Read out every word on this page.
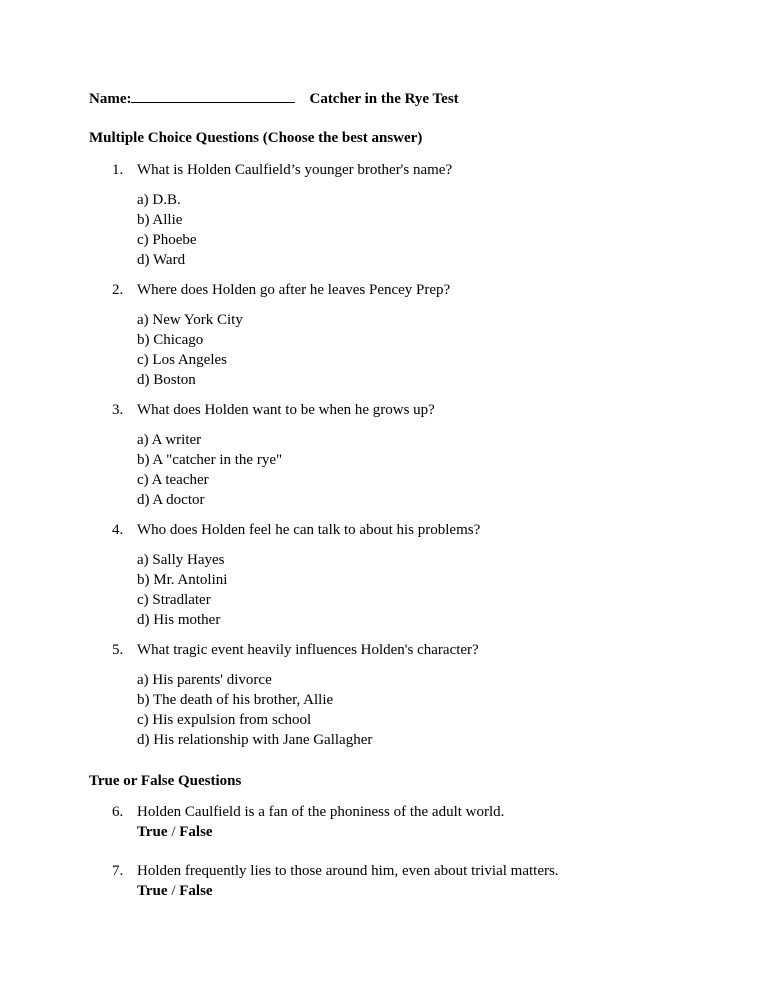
Name:	Catcher in the Rye Test
Multiple Choice Questions (Choose the best answer)
1. What is Holden Caulfield’s younger brother's name?
a) D.B.
b) Allie
c) Phoebe
d) Ward
2. Where does Holden go after he leaves Pencey Prep?
a) New York City
b) Chicago
c) Los Angeles
d) Boston
3. What does Holden want to be when he grows up?
a) A writer
b) A "catcher in the rye"
c) A teacher
d) A doctor
4. Who does Holden feel he can talk to about his problems?
a) Sally Hayes
b) Mr. Antolini
c) Stradlater
d) His mother
5. What tragic event heavily influences Holden's character?
a) His parents' divorce
b) The death of his brother, Allie
c) His expulsion from school
d) His relationship with Jane Gallagher
True or False Questions
6. Holden Caulfield is a fan of the phoniness of the adult world.
True / False
7. Holden frequently lies to those around him, even about trivial matters.
True / False
